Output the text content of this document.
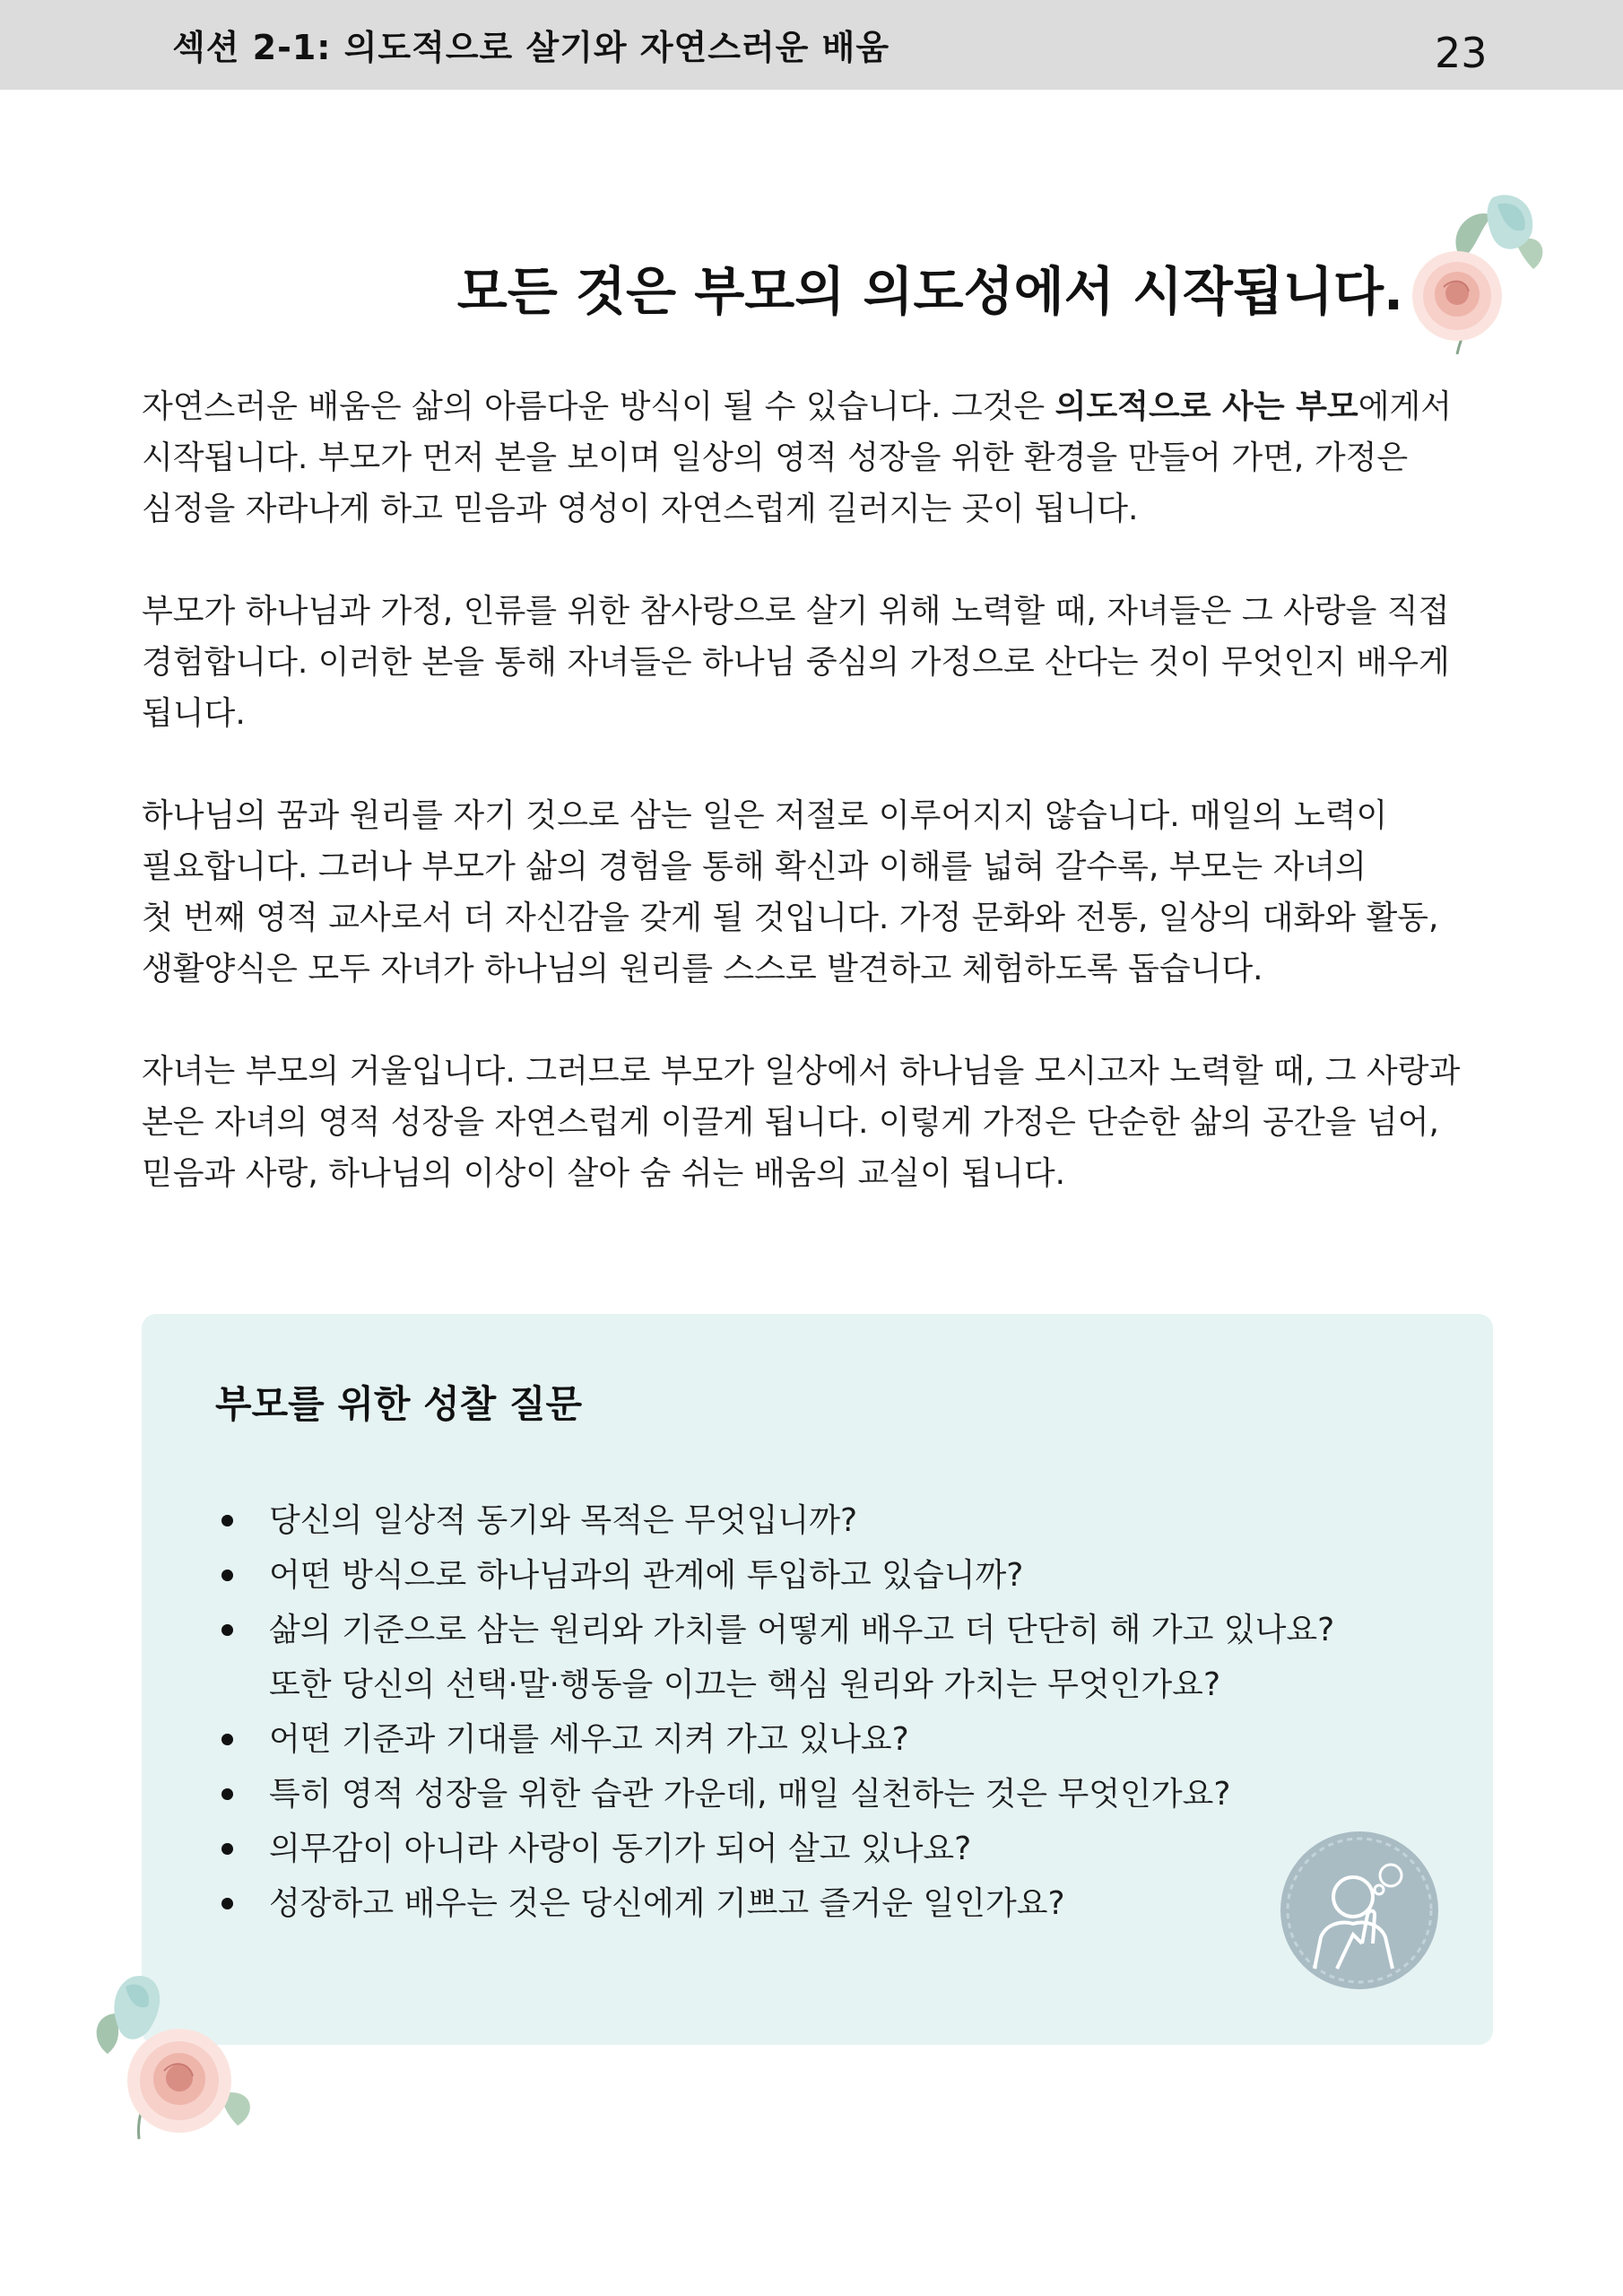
섹션 2-1: 의도적으로 살기와 자연스러운 배움	23
모든 것은 부모의 의도성에서 시작됩니다.

자연스러운 배움은 삶의 아름다운 방식이 될 수 있습니다. 그것은 의도적으로 사는 부모에게서
시작됩니다. 부모가 먼저 본을 보이며 일상의 영적 성장을 위한 환경을 만들어 가면, 가정은
심정을 자라나게 하고 믿음과 영성이 자연스럽게 길러지는 곳이 됩니다.

부모가 하나님과 가정, 인류를 위한 참사랑으로 살기 위해 노력할 때, 자녀들은 그 사랑을 직접
경험합니다. 이러한 본을 통해 자녀들은 하나님 중심의 가정으로 산다는 것이 무엇인지 배우게
됩니다.

하나님의 꿈과 원리를 자기 것으로 삼는 일은 저절로 이루어지지 않습니다. 매일의 노력이
필요합니다. 그러나 부모가 삶의 경험을 통해 확신과 이해를 넓혀 갈수록, 부모는 자녀의
첫 번째 영적 교사로서 더 자신감을 갖게 될 것입니다. 가정 문화와 전통, 일상의 대화와 활동,
생활양식은 모두 자녀가 하나님의 원리를 스스로 발견하고 체험하도록 돕습니다.

자녀는 부모의 거울입니다. 그러므로 부모가 일상에서 하나님을 모시고자 노력할 때, 그 사랑과
본은 자녀의 영적 성장을 자연스럽게 이끌게 됩니다. 이렇게 가정은 단순한 삶의 공간을 넘어,
믿음과 사랑, 하나님의 이상이 살아 숨 쉬는 배움의 교실이 됩니다.

부모를 위한 성찰 질문
당신의 일상적 동기와 목적은 무엇입니까?
어떤 방식으로 하나님과의 관계에 투입하고 있습니까?
삶의 기준으로 삼는 원리와 가치를 어떻게 배우고 더 단단히 해 가고 있나요?
또한 당신의 선택·말·행동을 이끄는 핵심 원리와 가치는 무엇인가요?
어떤 기준과 기대를 세우고 지켜 가고 있나요?
특히 영적 성장을 위한 습관 가운데, 매일 실천하는 것은 무엇인가요?
의무감이 아니라 사랑이 동기가 되어 살고 있나요?
성장하고 배우는 것은 당신에게 기쁘고 즐거운 일인가요?
